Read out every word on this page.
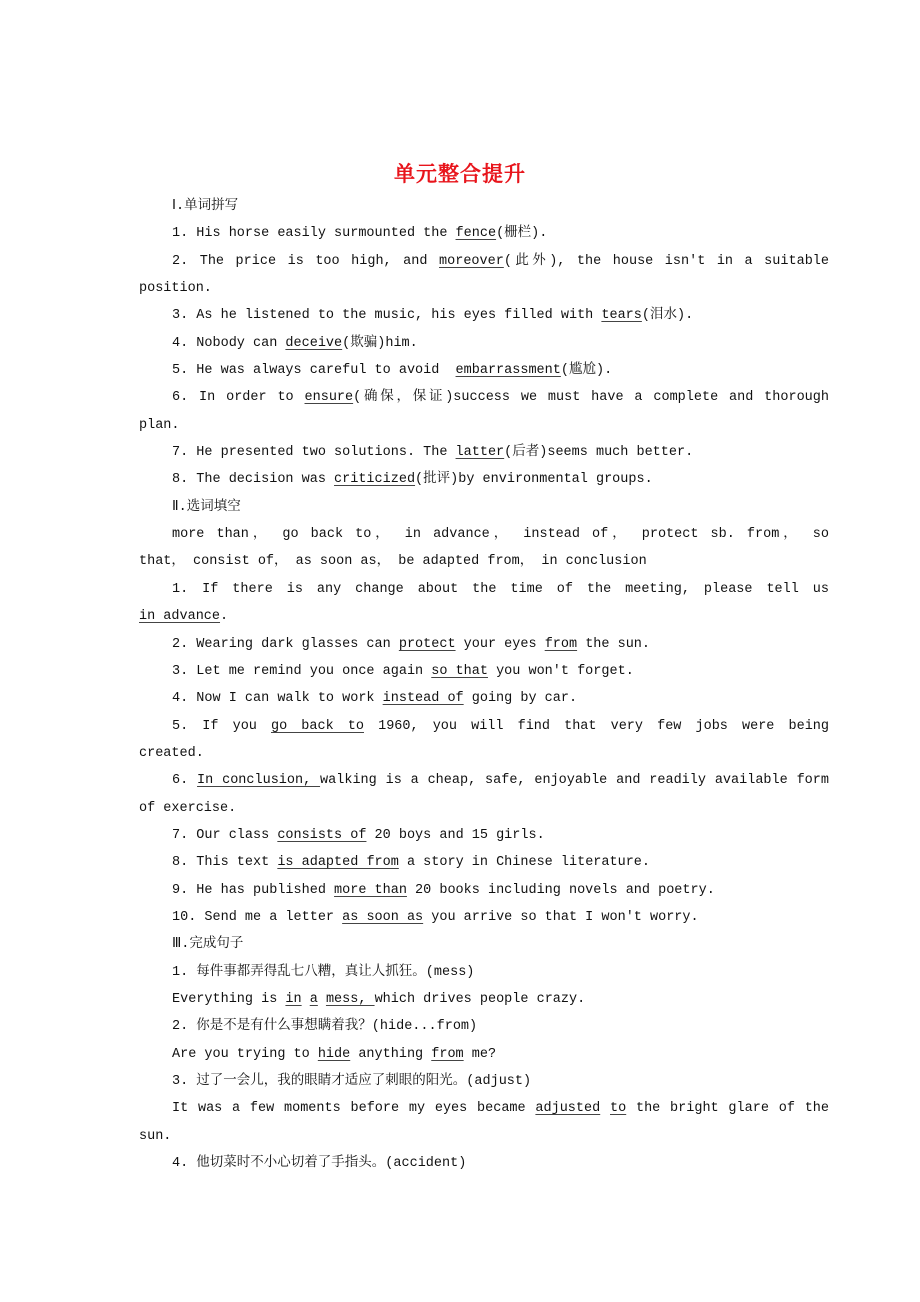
单元整合提升
Ⅰ.单词拼写
1. His horse easily surmounted the fence(栅栏).
2. The price is too high, and moreover(此外), the house isn't in a suitable
position.
3. As he listened to the music, his eyes filled with tears(泪水).
4. Nobody can deceive(欺骗)him.
5. He was always careful to avoid  embarrassment(尴尬).
6. In order to ensure(确保，保证)success we must have a complete and thorough
plan.
7. He presented two solutions. The latter(后者)seems much better.
8. The decision was criticized(批评)by environmental groups.
Ⅱ.选词填空
more than， go back to， in advance， instead of， protect sb. from， so
that， consist of， as soon as， be adapted from， in conclusion
1. If there is any change about the time of the meeting, please tell us
in advance.
2. Wearing dark glasses can protect your eyes from the sun.
3. Let me remind you once again so that you won't forget.
4. Now I can walk to work instead of going by car.
5. If you go back to 1960, you will find that very few jobs were being
created.
6. In conclusion, walking is a cheap, safe, enjoyable and readily available form
of exercise.
7. Our class consists of 20 boys and 15 girls.
8. This text is adapted from a story in Chinese literature.
9. He has published more than 20 books including novels and poetry.
10. Send me a letter as soon as you arrive so that I won't worry.
Ⅲ.完成句子
1. 每件事都弄得乱七八糟，真让人抓狂。(mess)
Everything is in a mess, which drives people crazy.
2. 你是不是有什么事想瞒着我？(hide...from)
Are you trying to hide anything from me?
3. 过了一会儿，我的眼睛才适应了刺眼的阳光。(adjust)
It was a few moments before my eyes became adjusted to the bright glare of the
sun.
4. 他切菜时不小心切着了手指头。(accident)
